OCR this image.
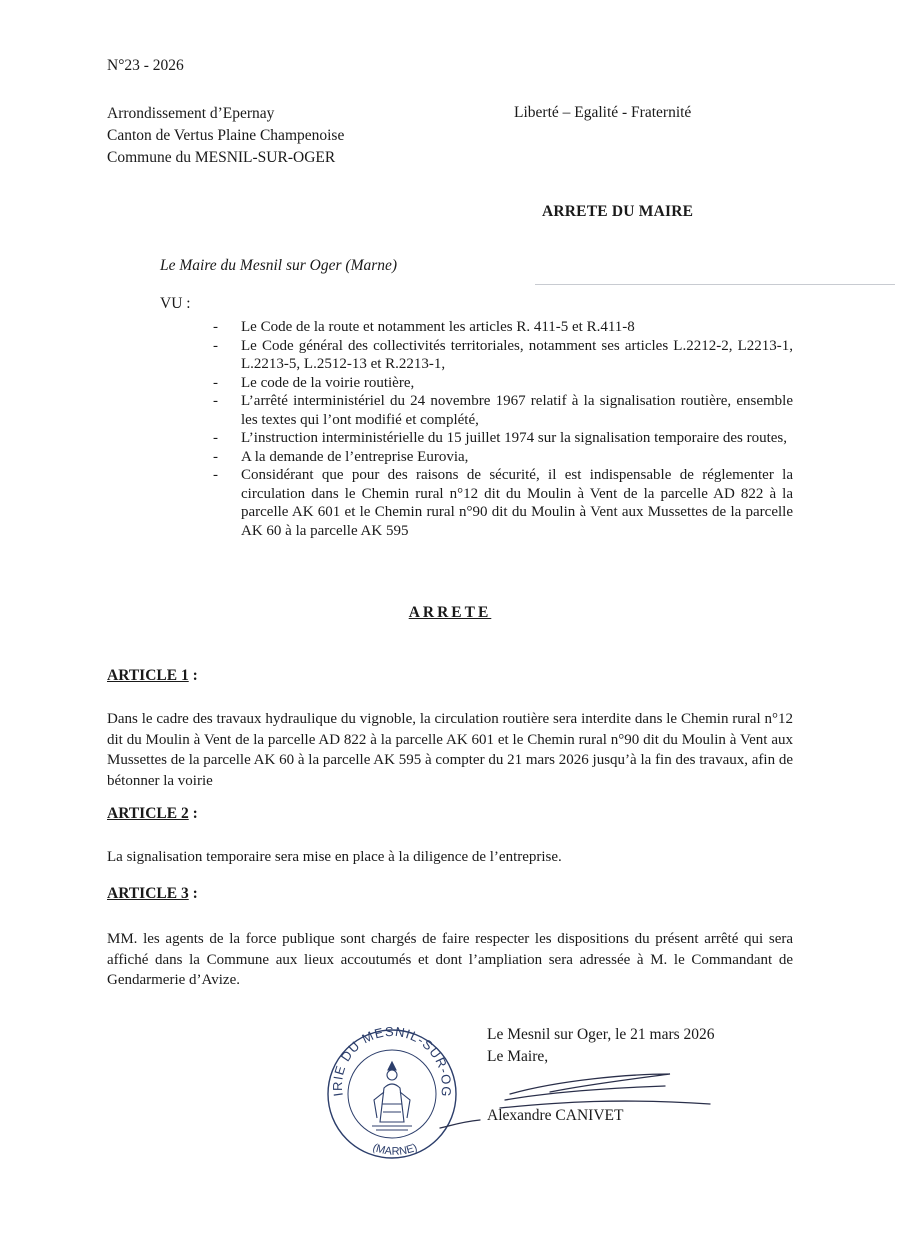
N°23 - 2026
Arrondissement d’Epernay
Canton de Vertus Plaine Champenoise
Commune du MESNIL-SUR-OGER
Liberté – Egalité - Fraternité
ARRETE DU MAIRE
Le Maire du Mesnil sur Oger (Marne)
VU :
- Le Code de la route et notamment les articles R. 411-5 et R.411-8
- Le Code général des collectivités territoriales, notamment ses articles L.2212-2, L2213-1, L.2213-5, L.2512-13 et R.2213-1,
- Le code de la voirie routière,
- L’arrêté interministériel du 24 novembre 1967 relatif à la signalisation routière, ensemble les textes qui l’ont modifié et complété,
- L’instruction interministérielle du 15 juillet 1974 sur la signalisation temporaire des routes,
- A la demande de l’entreprise Eurovia,
- Considérant que pour des raisons de sécurité, il est indispensable de réglementer la circulation dans le Chemin rural n°12 dit du Moulin à Vent de la parcelle AD 822 à la parcelle AK 601 et le Chemin rural n°90 dit du Moulin à Vent aux Mussettes de la parcelle AK 60 à la parcelle AK 595
ARRETE
ARTICLE 1 :
Dans le cadre des travaux hydraulique du vignoble, la circulation routière sera interdite dans le Chemin rural n°12 dit du Moulin à Vent de la parcelle AD 822 à la parcelle AK 601 et le Chemin rural n°90 dit du Moulin à Vent aux Mussettes de la parcelle AK 60 à la parcelle AK 595 à compter du 21 mars 2026 jusqu’à la fin des travaux, afin de bétonner la voirie
ARTICLE 2 :
La signalisation temporaire sera mise en place à la diligence de l’entreprise.
ARTICLE 3 :
MM. les agents de la force publique sont chargés de faire respecter les dispositions du présent arrêté qui sera affiché dans la Commune aux lieux accoutumés et dont l’ampliation sera adressée à M. le Commandant de Gendarmerie d’Avize.
MAIRIE DU MESNIL-SUR-OGER
(MARNE)
Le Mesnil sur Oger, le 21 mars 2026
Le Maire,
Alexandre CANIVET
